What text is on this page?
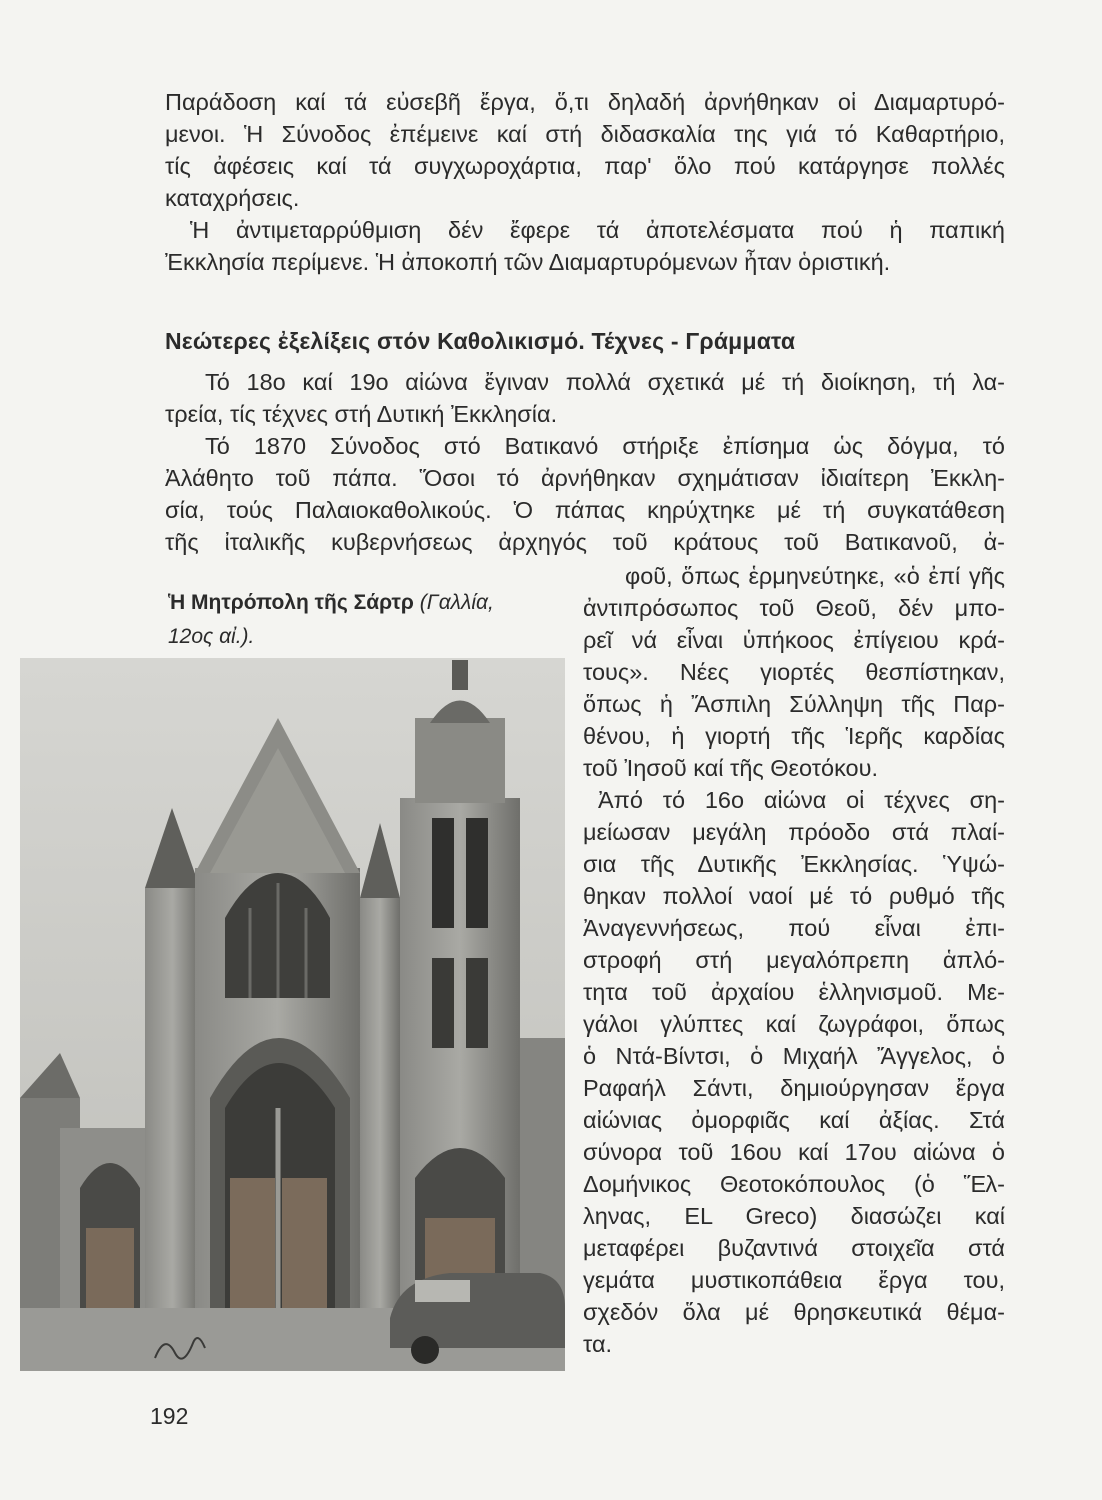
Παράδοση καί τά εὐσεβῆ ἔργα, ὅ,τι δηλαδή ἀρνήθηκαν οἱ Διαμαρτυρό-

μενοι. Ἡ Σύνοδος ἐπέμεινε καί στή διδασκαλία της γιά τό Καθαρτήριο,

τίς ἀφέσεις καί τά συγχωροχάρτια, παρ' ὅλο πού κατάργησε πολλές

καταχρήσεις.

Ἡ ἀντιμεταρρύθμιση δέν ἔφερε τά ἀποτελέσματα πού ἡ παπική

Ἐκκλησία περίμενε. Ἡ ἀποκοπή τῶν Διαμαρτυρόμενων ἦταν ὁριστική.

Νεώτερες ἐξελίξεις στόν Καθολικισμό. Τέχνες - Γράμματα

Τό 18ο καί 19ο αἰώνα ἔγιναν πολλά σχετικά μέ τή διοίκηση, τή λα-

τρεία, τίς τέχνες στή Δυτική Ἐκκλησία.

Τό 1870 Σύνοδος στό Βατικανό στήριξε ἐπίσημα ὡς δόγμα, τό

Ἀλάθητο τοῦ πάπα. Ὅσοι τό ἀρνήθηκαν σχημάτισαν ἰδιαίτερη Ἐκκλη-

σία, τούς Παλαιοκαθολικούς. Ὁ πάπας κηρύχτηκε μέ τή συγκατάθεση

τῆς ἰταλικῆς κυβερνήσεως ἀρχηγός τοῦ κράτους τοῦ Βατικανοῦ, ἀ-

Ἡ Μητρόπολη τῆς Σάρτρ (Γαλλία,
12ος αἰ.).

φοῦ, ὅπως ἑρμηνεύτηκε, «ὁ ἐπί γῆς

ἀντιπρόσωπος τοῦ Θεοῦ, δέν μπο-

ρεῖ νά εἶναι ὑπήκοος ἐπίγειου κρά-

τους». Νέες γιορτές θεσπίστηκαν,

ὅπως ἡ Ἄσπιλη Σύλληψη τῆς Παρ-

θένου, ἡ γιορτή τῆς Ἱερῆς καρδίας

τοῦ Ἰησοῦ καί τῆς Θεοτόκου.

Ἀπό τό 16ο αἰώνα οἱ τέχνες ση-

μείωσαν μεγάλη πρόοδο στά πλαί-

σια τῆς Δυτικῆς Ἐκκλησίας. Ὑψώ-

θηκαν πολλοί ναοί μέ τό ρυθμό τῆς

Ἀναγεννήσεως, πού εἶναι ἐπι-

στροφή στή μεγαλόπρεπη ἁπλό-

τητα τοῦ ἀρχαίου ἑλληνισμοῦ. Με-

γάλοι γλύπτες καί ζωγράφοι, ὅπως

ὁ Ντά-Βίντσι, ὁ Μιχαήλ Ἄγγελος, ὁ

Ραφαήλ Σάντι, δημιούργησαν ἔργα

αἰώνιας ὀμορφιᾶς καί ἀξίας. Στά

σύνορα τοῦ 16ου καί 17ου αἰώνα ὁ

Δομήνικος Θεοτοκόπουλος (ὁ Ἕλ-

ληνας, EL Greco) διασώζει καί

μεταφέρει βυζαντινά στοιχεῖα στά

γεμάτα μυστικοπάθεια ἔργα του,

σχεδόν ὅλα μέ θρησκευτικά θέμα-

τα.

192
